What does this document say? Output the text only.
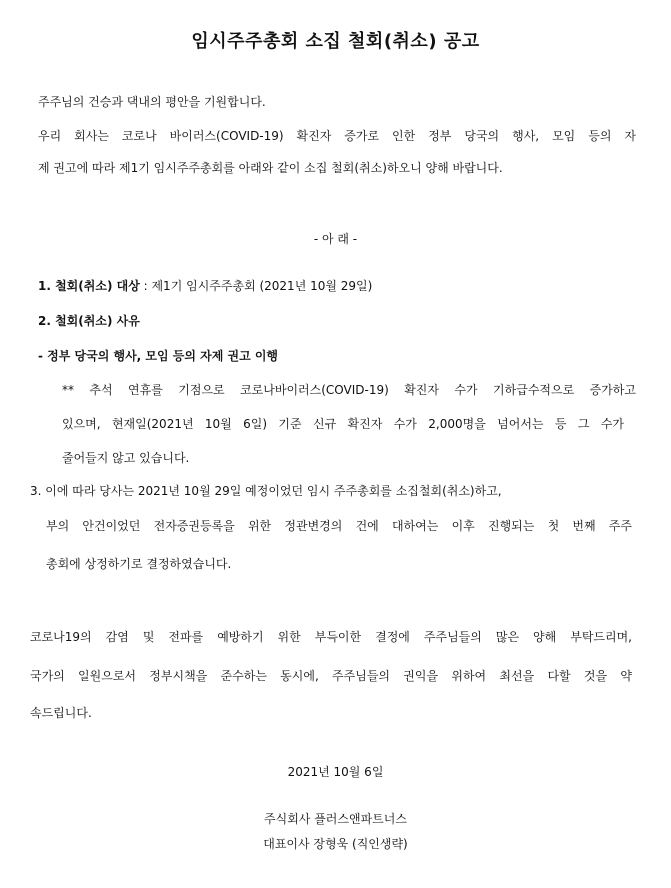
임시주주총회 소집 철회(취소) 공고
주주님의 건승과 댁내의 평안을 기원합니다.
우리 회사는 코로나 바이러스(COVID-19) 확진자 증가로 인한 정부 당국의 행사, 모임 등의 자
제 권고에 따라 제1기 임시주주총회를 아래와 같이 소집 철회(취소)하오니 양해 바랍니다.
- 아 래 -
1. 철회(취소) 대상 : 제1기 임시주주총회 (2021년 10월 29일)
2. 철회(취소) 사유
- 정부 당국의 행사, 모임 등의 자제 권고 이행
** 추석 연휴를 기점으로 코로나바이러스(COVID-19) 확진자 수가 기하급수적으로 증가하고
있으며, 현재일(2021년 10월 6일) 기준 신규 확진자 수가 2,000명을 넘어서는 등 그 수가
줄어들지 않고 있습니다.
3. 이에 따라 당사는 2021년 10월 29일 예정이었던 임시 주주총회를 소집철회(취소)하고,
부의 안건이었던 전자증권등록을 위한 정관변경의 건에 대하여는 이후 진행되는 첫 번째 주주
총회에 상정하기로 결정하였습니다.
코로나19의 감염 및 전파를 예방하기 위한 부득이한 결정에 주주님들의 많은 양해 부탁드리며,
국가의 일원으로서 정부시책을 준수하는 동시에, 주주님들의 권익을 위하여 최선을 다할 것을 약
속드립니다.
2021년 10월 6일
주식회사 플러스앤파트너스
대표이사 장형욱 (직인생략)
